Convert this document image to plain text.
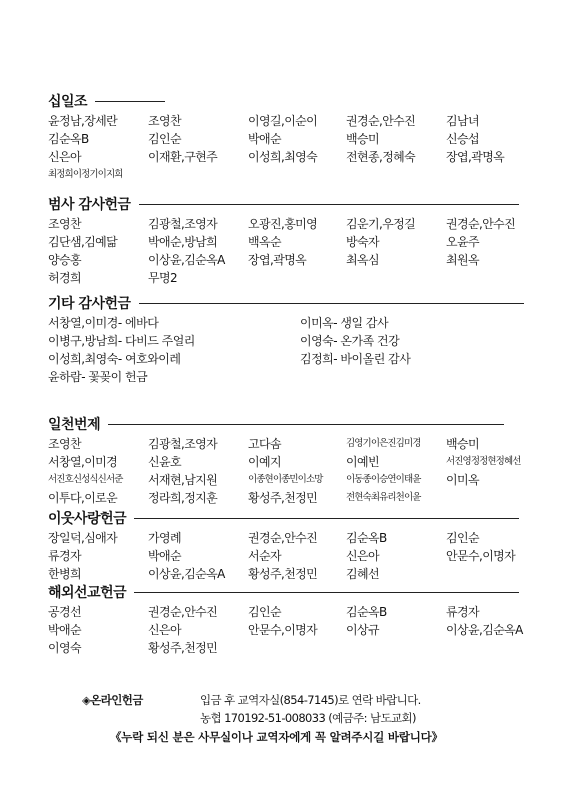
십일조
윤정남,장세란	조영찬	이영길,이순이	권경순,안수진	김남녀
김순옥B	김인순	박애순	백승미	신승섭
신은아	이재환,구현주	이성희,최영숙	전현종,정혜숙	장엽,곽명옥
최정희이정기이지희
범사 감사헌금
조영찬	김광철,조영자	오광진,홍미영	김운기,우정길	권경순,안수진
김단샘,김예닮	박애순,방남희	백옥순	방숙자	오윤주
양승홍	이상윤,김순옥A	장엽,곽명옥	최옥심	최원옥
허경희	무명2
기타 감사헌금
서창열,이미경- 에바다	이미옥- 생일 감사
이병구,방남희- 다비드 주얼리	이영숙- 온가족 건강
이성희,최영숙- 여호와이레	김정희- 바이올린 감사
윤하람- 꽃꽂이 헌금
일천번제
조영찬	김광철,조영자	고다솜	김영기이은진김미경	백승미
서창열,이미경	신윤호	이예지	이예빈	서진영정정현정혜선
서진호신성식신서준	서재현,남지원	이종현이종민이소망	이동종이승연이태윤	이미옥
이투다,이로운	정라희,정지훈	황성주,천정민	전현숙최유리천이윤
이웃사랑헌금
장일덕,심애자	가영례	권경순,안수진	김순옥B	김인순
류경자	박애순	서순자	신은아	안문수,이명자
한병희	이상윤,김순옥A	황성주,천정민	김혜선
해외선교헌금
공경선	권경순,안수진	김인순	김순옥B	류경자
박애순	신은아	안문수,이명자	이상규	이상윤,김순옥A
이영숙	황성주,천정민
◈온라인헌금	입금 후 교역자실(854-7145)로 연락 바랍니다.
농협 170192-51-008033 (예금주: 남도교회)
《누락 되신 분은 사무실이나 교역자에게 꼭 알려주시길 바랍니다》
